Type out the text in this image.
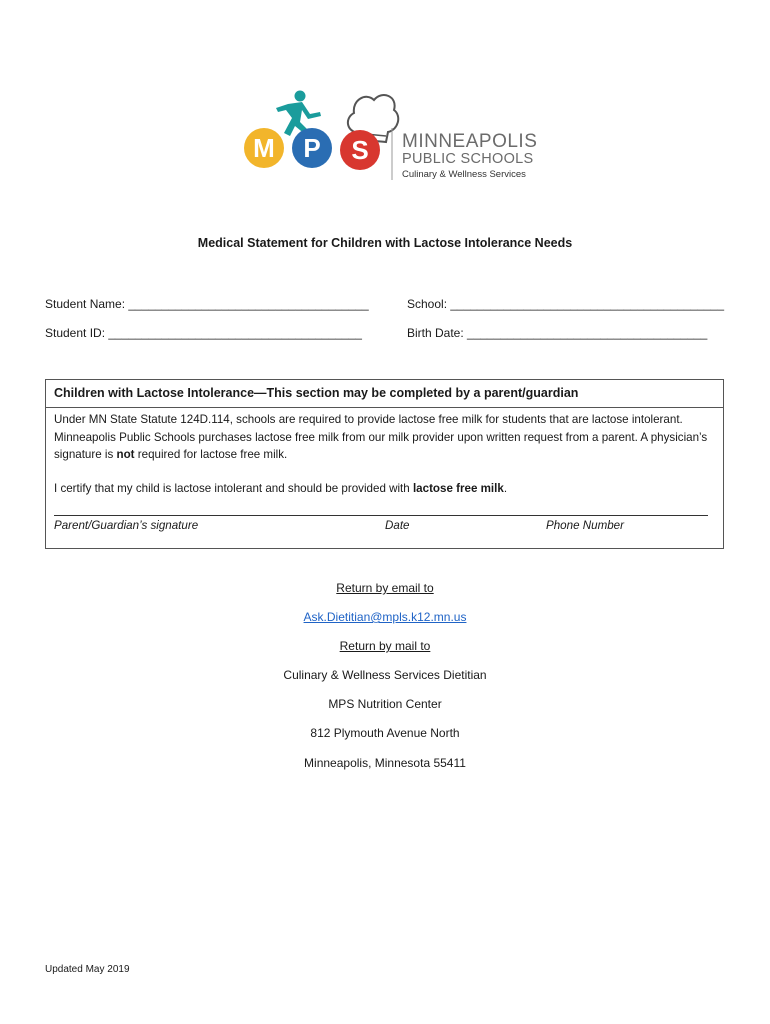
M P S MINNEAPOLIS
PUBLIC SCHOOLS
Culinary & Wellness Services
Medical Statement for Children with Lactose Intolerance Needs
Student Name: ____________________________________	School: _________________________________________
Student ID: ______________________________________	Birth Date: ____________________________________
Children with Lactose Intolerance—This section may be completed by a parent/guardian

Under MN State Statute 124D.114, schools are required to provide lactose free milk for students that are lactose intolerant. Minneapolis Public Schools purchases lactose free milk from our milk provider upon written request from a parent. A physician’s signature is not required for lactose free milk.

I certify that my child is lactose intolerant and should be provided with lactose free milk.

Parent/Guardian’s signature	Date	Phone Number
Return by email to
Ask.Dietitian@mpls.k12.mn.us
Return by mail to
Culinary & Wellness Services Dietitian
MPS Nutrition Center
812 Plymouth Avenue North
Minneapolis, Minnesota 55411
Updated May 2019
